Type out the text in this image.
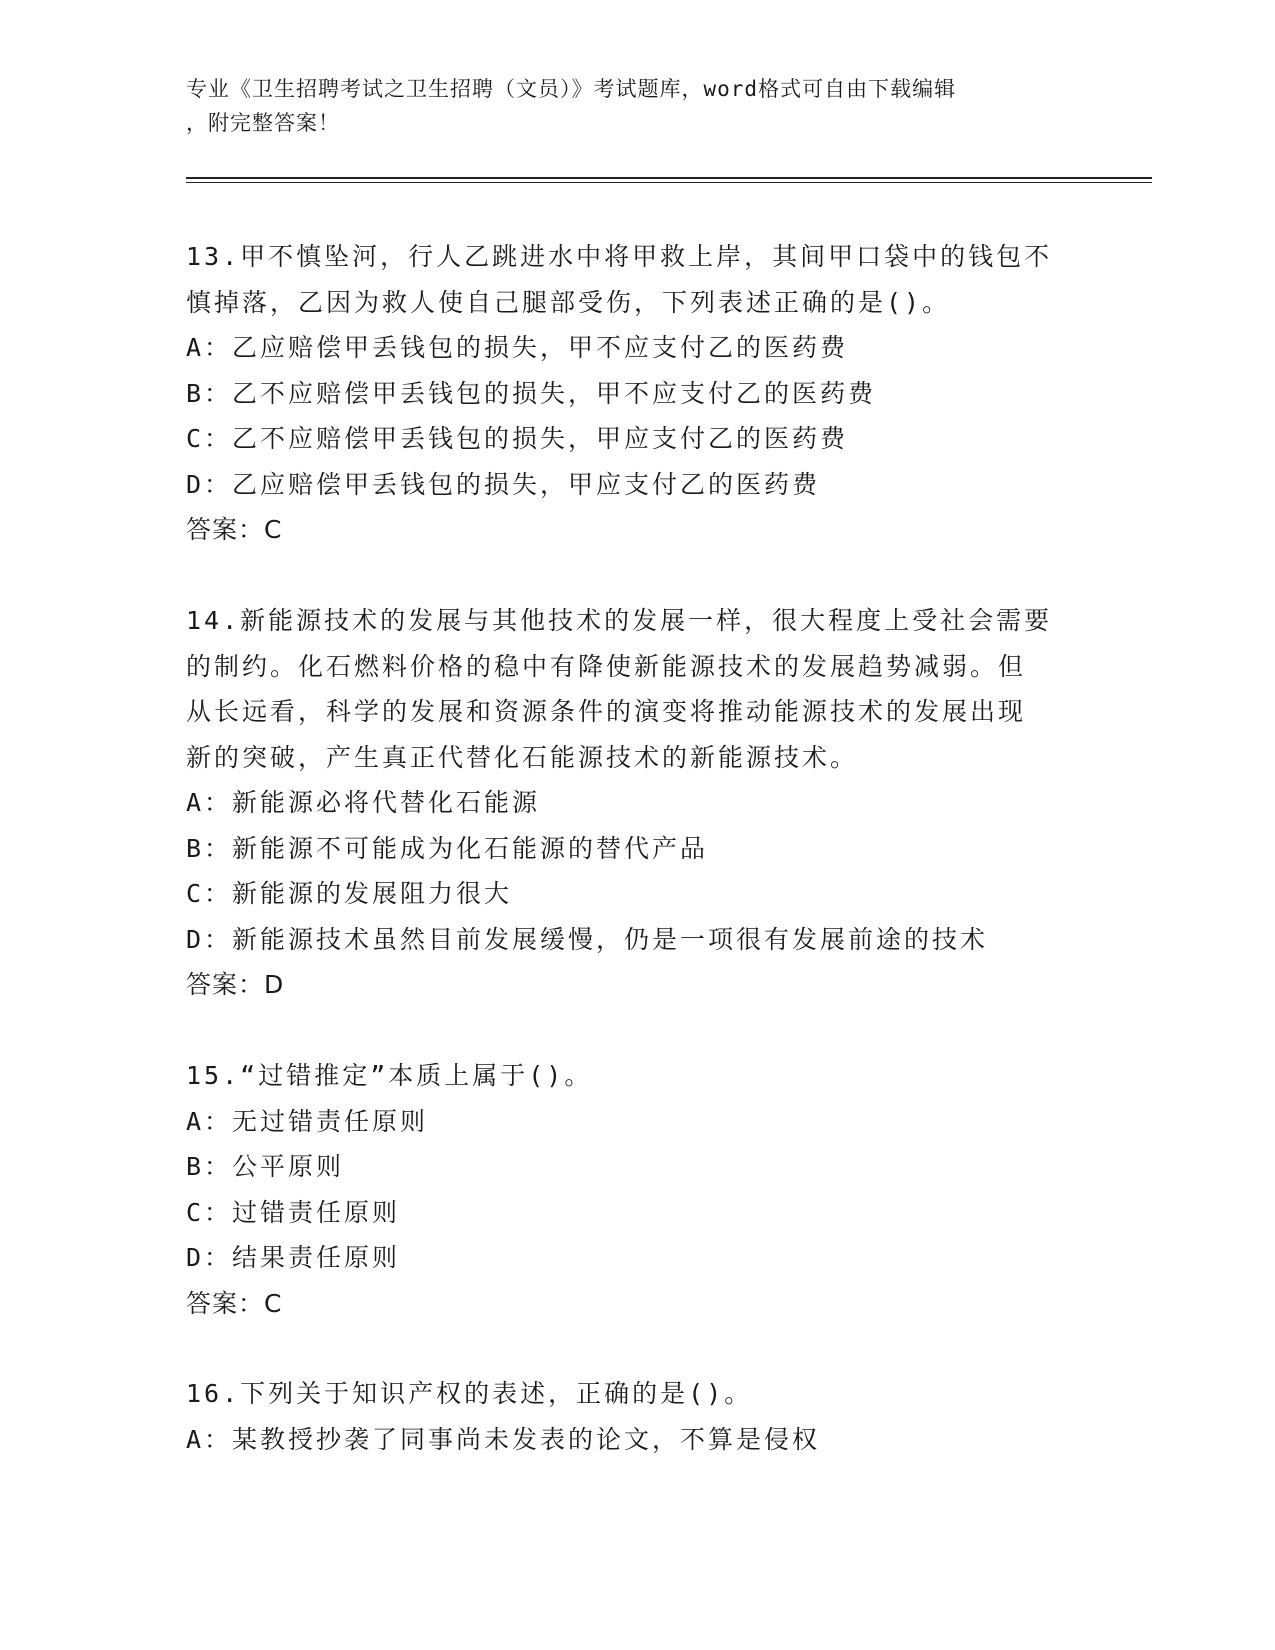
专业《卫生招聘考试之卫生招聘（文员）》考试题库，word格式可自由下载编辑
，附完整答案！
13.甲不慎坠河，行人乙跳进水中将甲救上岸，其间甲口袋中的钱包不
慎掉落，乙因为救人使自己腿部受伤，下列表述正确的是()。
A：乙应赔偿甲丢钱包的损失，甲不应支付乙的医药费
B：乙不应赔偿甲丢钱包的损失，甲不应支付乙的医药费
C：乙不应赔偿甲丢钱包的损失，甲应支付乙的医药费
D：乙应赔偿甲丢钱包的损失，甲应支付乙的医药费
答案：C
14.新能源技术的发展与其他技术的发展一样，很大程度上受社会需要
的制约。化石燃料价格的稳中有降使新能源技术的发展趋势减弱。但
从长远看，科学的发展和资源条件的演变将推动能源技术的发展出现
新的突破，产生真正代替化石能源技术的新能源技术。
A：新能源必将代替化石能源
B：新能源不可能成为化石能源的替代产品
C：新能源的发展阻力很大
D：新能源技术虽然目前发展缓慢，仍是一项很有发展前途的技术
答案：D
15.“过错推定”本质上属于()。
A：无过错责任原则
B：公平原则
C：过错责任原则
D：结果责任原则
答案：C
16.下列关于知识产权的表述，正确的是()。
A：某教授抄袭了同事尚未发表的论文，不算是侵权
